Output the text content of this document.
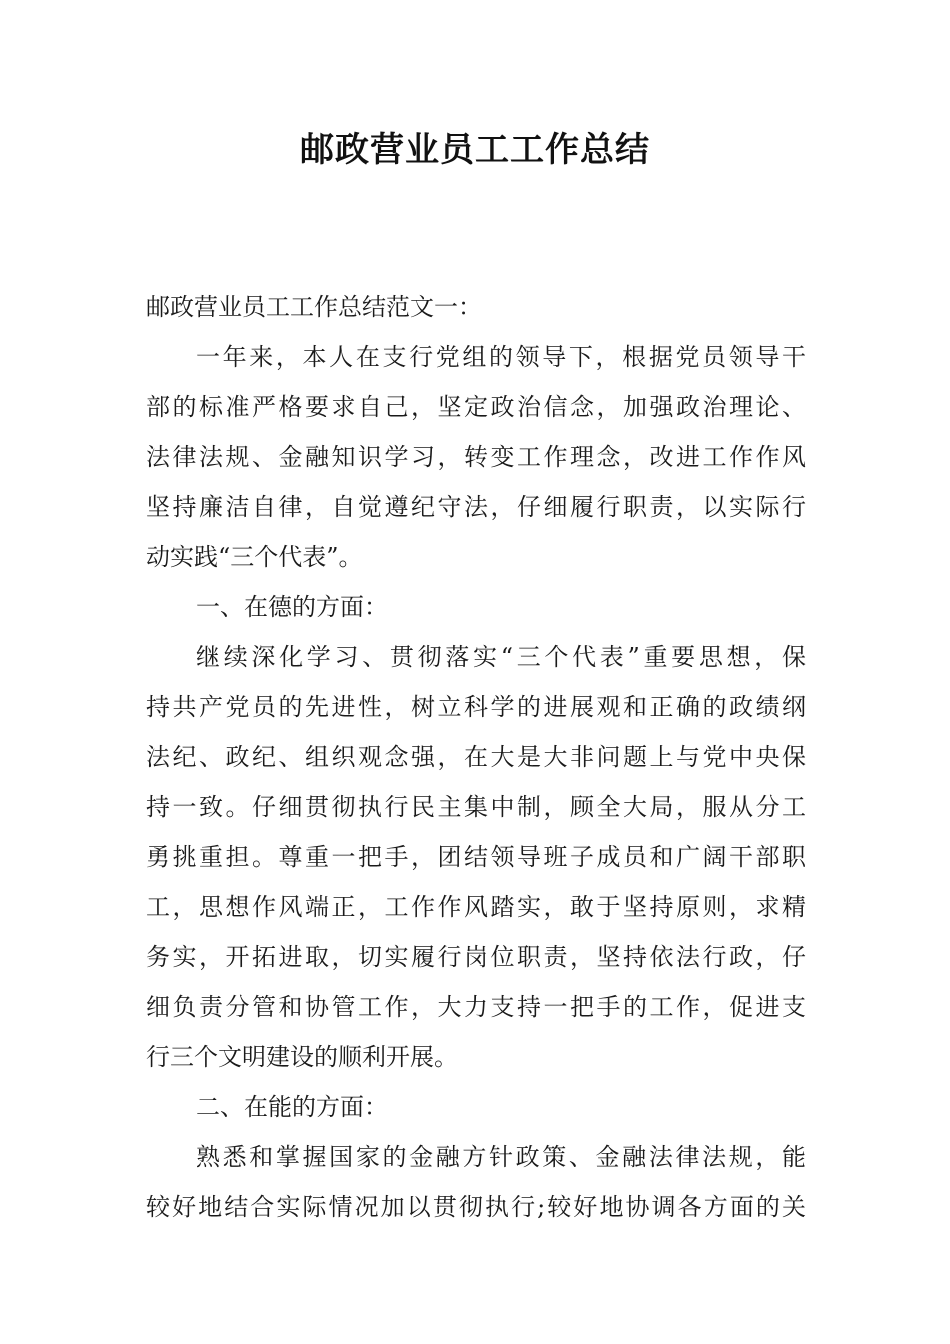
邮政营业员工工作总结
邮政营业员工工作总结范文一：
一年来，本人在支行党组的领导下，根据党员领导干
部的标准严格要求自己，坚定政治信念，加强政治理论、
法律法规、金融知识学习，转变工作理念，改进工作作风
坚持廉洁自律，自觉遵纪守法，仔细履行职责，以实际行
动实践“三个代表”。
一、在德的方面：
继续深化学习、贯彻落实“三个代表”重要思想，保
持共产党员的先进性，树立科学的进展观和正确的政绩纲
法纪、政纪、组织观念强，在大是大非问题上与党中央保
持一致。仔细贯彻执行民主集中制，顾全大局，服从分工
勇挑重担。尊重一把手，团结领导班子成员和广阔干部职
工，思想作风端正，工作作风踏实，敢于坚持原则，求精
务实，开拓进取，切实履行岗位职责，坚持依法行政，仔
细负责分管和协管工作，大力支持一把手的工作，促进支
行三个文明建设的顺利开展。
二、在能的方面：
熟悉和掌握国家的金融方针政策、金融法律法规，能
较好地结合实际情况加以贯彻执行;较好地协调各方面的关
